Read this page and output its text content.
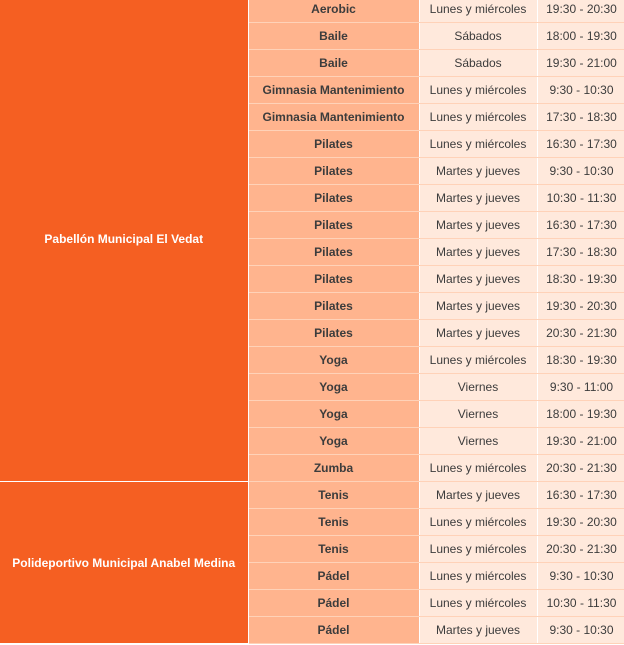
Pabellón Municipal El Vedat	Aerobic	Lunes y miércoles	19:30 - 20:30
	Baile	Sábados	18:00 - 19:30
	Baile	Sábados	19:30 - 21:00
	Gimnasia Mantenimiento	Lunes y miércoles	9:30 - 10:30
	Gimnasia Mantenimiento	Lunes y miércoles	17:30 - 18:30
	Pilates	Lunes y miércoles	16:30 - 17:30
	Pilates	Martes y jueves	9:30 - 10:30
	Pilates	Martes y jueves	10:30 - 11:30
	Pilates	Martes y jueves	16:30 - 17:30
	Pilates	Martes y jueves	17:30 - 18:30
	Pilates	Martes y jueves	18:30 - 19:30
	Pilates	Martes y jueves	19:30 - 20:30
	Pilates	Martes y jueves	20:30 - 21:30
	Yoga	Lunes y miércoles	18:30 - 19:30
	Yoga	Viernes	9:30 - 11:00
	Yoga	Viernes	18:00 - 19:30
	Yoga	Viernes	19:30 - 21:00
	Zumba	Lunes y miércoles	20:30 - 21:30
Polideportivo Municipal Anabel Medina	Tenis	Martes y jueves	16:30 - 17:30
	Tenis	Lunes y miércoles	19:30 - 20:30
	Tenis	Lunes y miércoles	20:30 - 21:30
	Pádel	Lunes y miércoles	9:30 - 10:30
	Pádel	Lunes y miércoles	10:30 - 11:30
	Pádel	Martes y jueves	9:30 - 10:30
